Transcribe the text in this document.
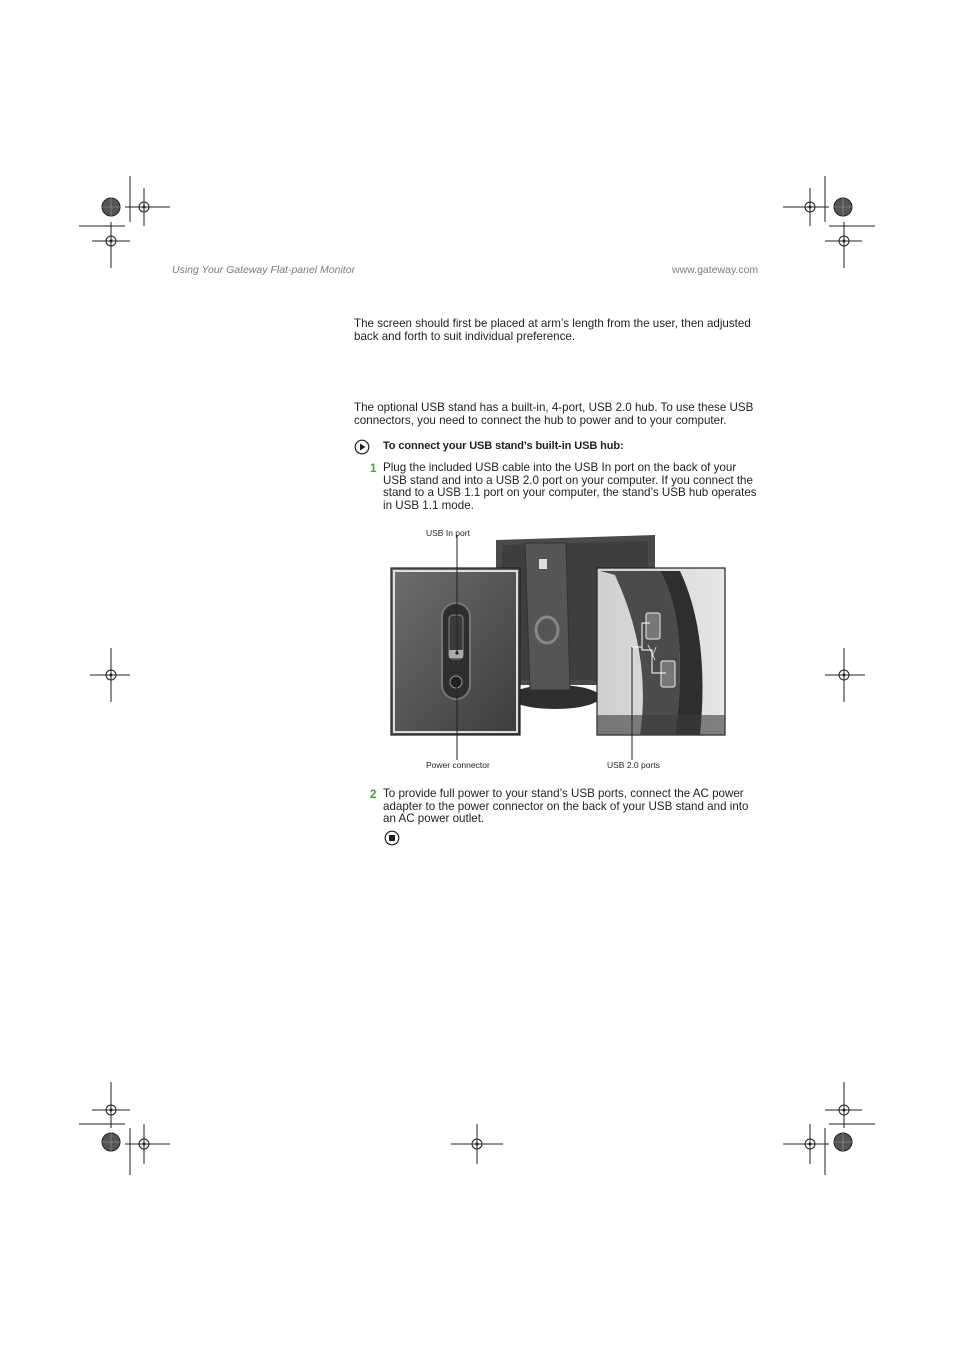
Using Your Gateway Flat-panel Monitor	www.gateway.com
The screen should first be placed at arm’s length from the user, then adjusted back and forth to suit individual preference.
The optional USB stand has a built-in, 4-port, USB 2.0 hub. To use these USB connectors, you need to connect the hub to power and to your computer.
To connect your USB stand’s built-in USB hub:
1 Plug the included USB cable into the USB In port on the back of your USB stand and into a USB 2.0 port on your computer. If you connect the stand to a USB 1.1 port on your computer, the stand’s USB hub operates in USB 1.1 mode.
USB In port
Power connector	USB 2.0 ports
2 To provide full power to your stand’s USB ports, connect the AC power adapter to the power connector on the back of your USB stand and into an AC power outlet.
